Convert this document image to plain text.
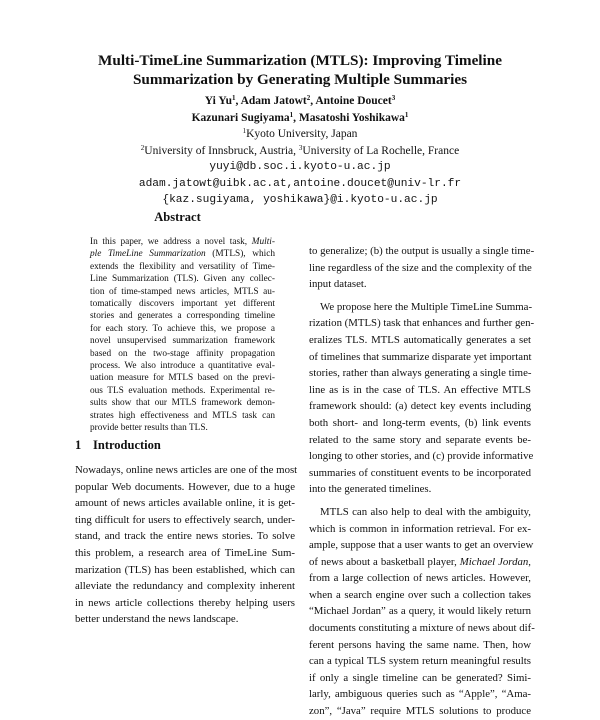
Multi-TimeLine Summarization (MTLS): Improving Timeline
Summarization by Generating Multiple Summaries
Yi Yu$^1$, Adam Jatowt$^2$, Antoine Doucet$^3$
Kazunari Sugiyama$^1$, Masatoshi Yoshikawa$^1$
$^1$Kyoto University, Japan
$^2$University of Innsbruck, Austria, $^3$University of La Rochelle, France
yuyi@db.soc.i.kyoto-u.ac.jp
adam.jatowt@uibk.ac.at,antoine.doucet@univ-lr.fr
{kaz.sugiyama, yoshikawa}@i.kyoto-u.ac.jp
Abstract
In this paper, we address a novel task, Multi-
ple TimeLine Summarization (MTLS), which
extends the flexibility and versatility of Time-
Line Summarization (TLS). Given any collec-
tion of time-stamped news articles, MTLS au-
tomatically discovers important yet different
stories and generates a corresponding timeline
for each story. To achieve this, we propose a
novel unsupervised summarization framework
based on the two-stage affinity propagation
process. We also introduce a quantitative eval-
uation measure for MTLS based on the previ-
ous TLS evaluation methods. Experimental re-
sults show that our MTLS framework demon-
strates high effectiveness and MTLS task can
provide better results than TLS.
1 Introduction
Nowadays, online news articles are one of the most
popular Web documents. However, due to a huge
amount of news articles available online, it is get-
ting difficult for users to effectively search, under-
stand, and track the entire news stories. To solve
this problem, a research area of TimeLine Sum-
marization (TLS) has been established, which can
alleviate the redundancy and complexity inherent
in news article collections thereby helping users
better understand the news landscape.
to generalize; (b) the output is usually a single time-
line regardless of the size and the complexity of the
input dataset.
We propose here the Multiple TimeLine Summa-
rization (MTLS) task that enhances and further gen-
eralizes TLS. MTLS automatically generates a set
of timelines that summarize disparate yet important
stories, rather than always generating a single time-
line as is in the case of TLS. An effective MTLS
framework should: (a) detect key events including
both short- and long-term events, (b) link events
related to the same story and separate events be-
longing to other stories, and (c) provide informative
summaries of constituent events to be incorporated
into the generated timelines.
MTLS can also help to deal with the ambiguity,
which is common in information retrieval. For ex-
ample, suppose that a user wants to get an overview
of news about a basketball player, Michael Jordan,
from a large collection of news articles. However,
when a search engine over such a collection takes
“Michael Jordan” as a query, it would likely return
documents constituting a mixture of news about dif-
ferent persons having the same name. Then, how
can a typical TLS system return meaningful results
if only a single timeline can be generated? Simi-
larly, ambiguous queries such as “Apple”, “Ama-
zon”, “Java” require MTLS solutions to produce
